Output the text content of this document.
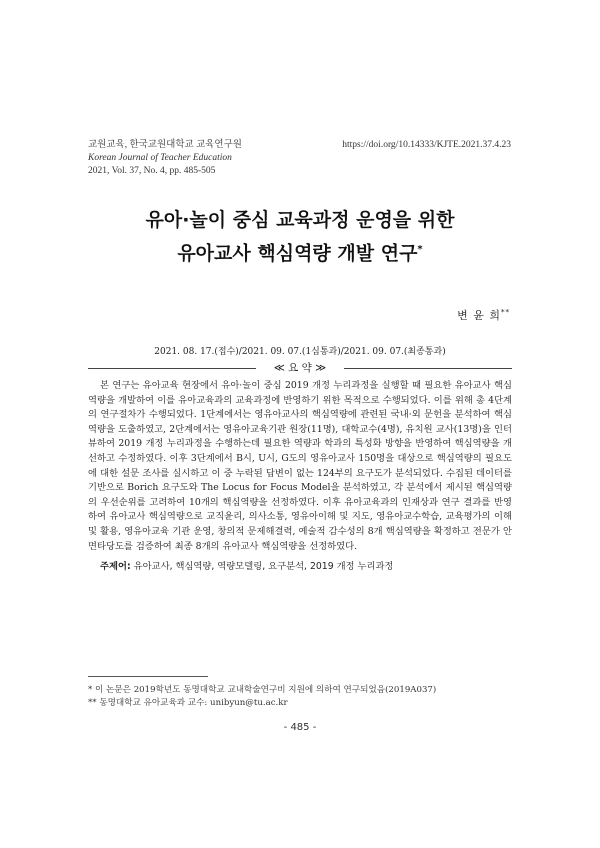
교원교육, 한국교원대학교 교육연구원
Korean Journal of Teacher Education
2021, Vol. 37, No. 4, pp. 485-505
https://doi.org/10.14333/KJTE.2021.37.4.23
유아·놀이 중심 교육과정 운영을 위한
유아교사 핵심역량 개발 연구*
변 윤 희**
2021. 08. 17.(접수)/2021. 09. 07.(1심통과)/2021. 09. 07.(최종통과)
≪ 요 약 ≫

본 연구는 유아교육 현장에서 유아·놀이 중심 2019 개정 누리과정을 실행할 때 필요한 유아교사 핵심역량을 개발하여 이를 유아교육과의 교육과정에 반영하기 위한 목적으로 수행되었다. 이를 위해 총 4단계의 연구절차가 수행되었다. 1단계에서는 영유아교사의 핵심역량에 관련된 국내·외 문헌을 분석하여 핵심역량을 도출하였고, 2단계에서는 영유아교육기관 원장(11명), 대학교수(4명), 유치원 교사(13명)을 인터뷰하여 2019 개정 누리과정을 수행하는데 필요한 역량과 학과의 특성화 방향을 반영하여 핵심역량을 개선하고 수정하였다. 이후 3단계에서 B시, U시, G도의 영유아교사 150명을 대상으로 핵심역량의 필요도에 대한 설문 조사를 실시하고 이 중 누락된 답변이 없는 124부의 요구도가 분석되었다. 수집된 데이터를 기반으로 Borich 요구도와 The Locus for Focus Model을 분석하였고, 각 분석에서 제시된 핵심역량의 우선순위를 고려하여 10개의 핵심역량을 선정하였다. 이후 유아교육과의 인재상과 연구 결과를 반영하여 유아교사 핵심역량으로 교직윤리, 의사소통, 영유아이해 및 지도, 영유아교수학습, 교육평가의 이해 및 활용, 영유아교육 기관 운영, 창의적 문제해결력, 예술적 감수성의 8개 핵심역량을 확정하고 전문가 안면타당도를 검증하여 최종 8개의 유아교사 핵심역량을 선정하였다.

주제어: 유아교사, 핵심역량, 역량모델링, 요구분석, 2019 개정 누리과정
* 이 논문은 2019학년도 동명대학교 교내학술연구비 지원에 의하여 연구되었음(2019A037)
** 동명대학교 유아교육과 교수: unibyun@tu.ac.kr
- 485 -
